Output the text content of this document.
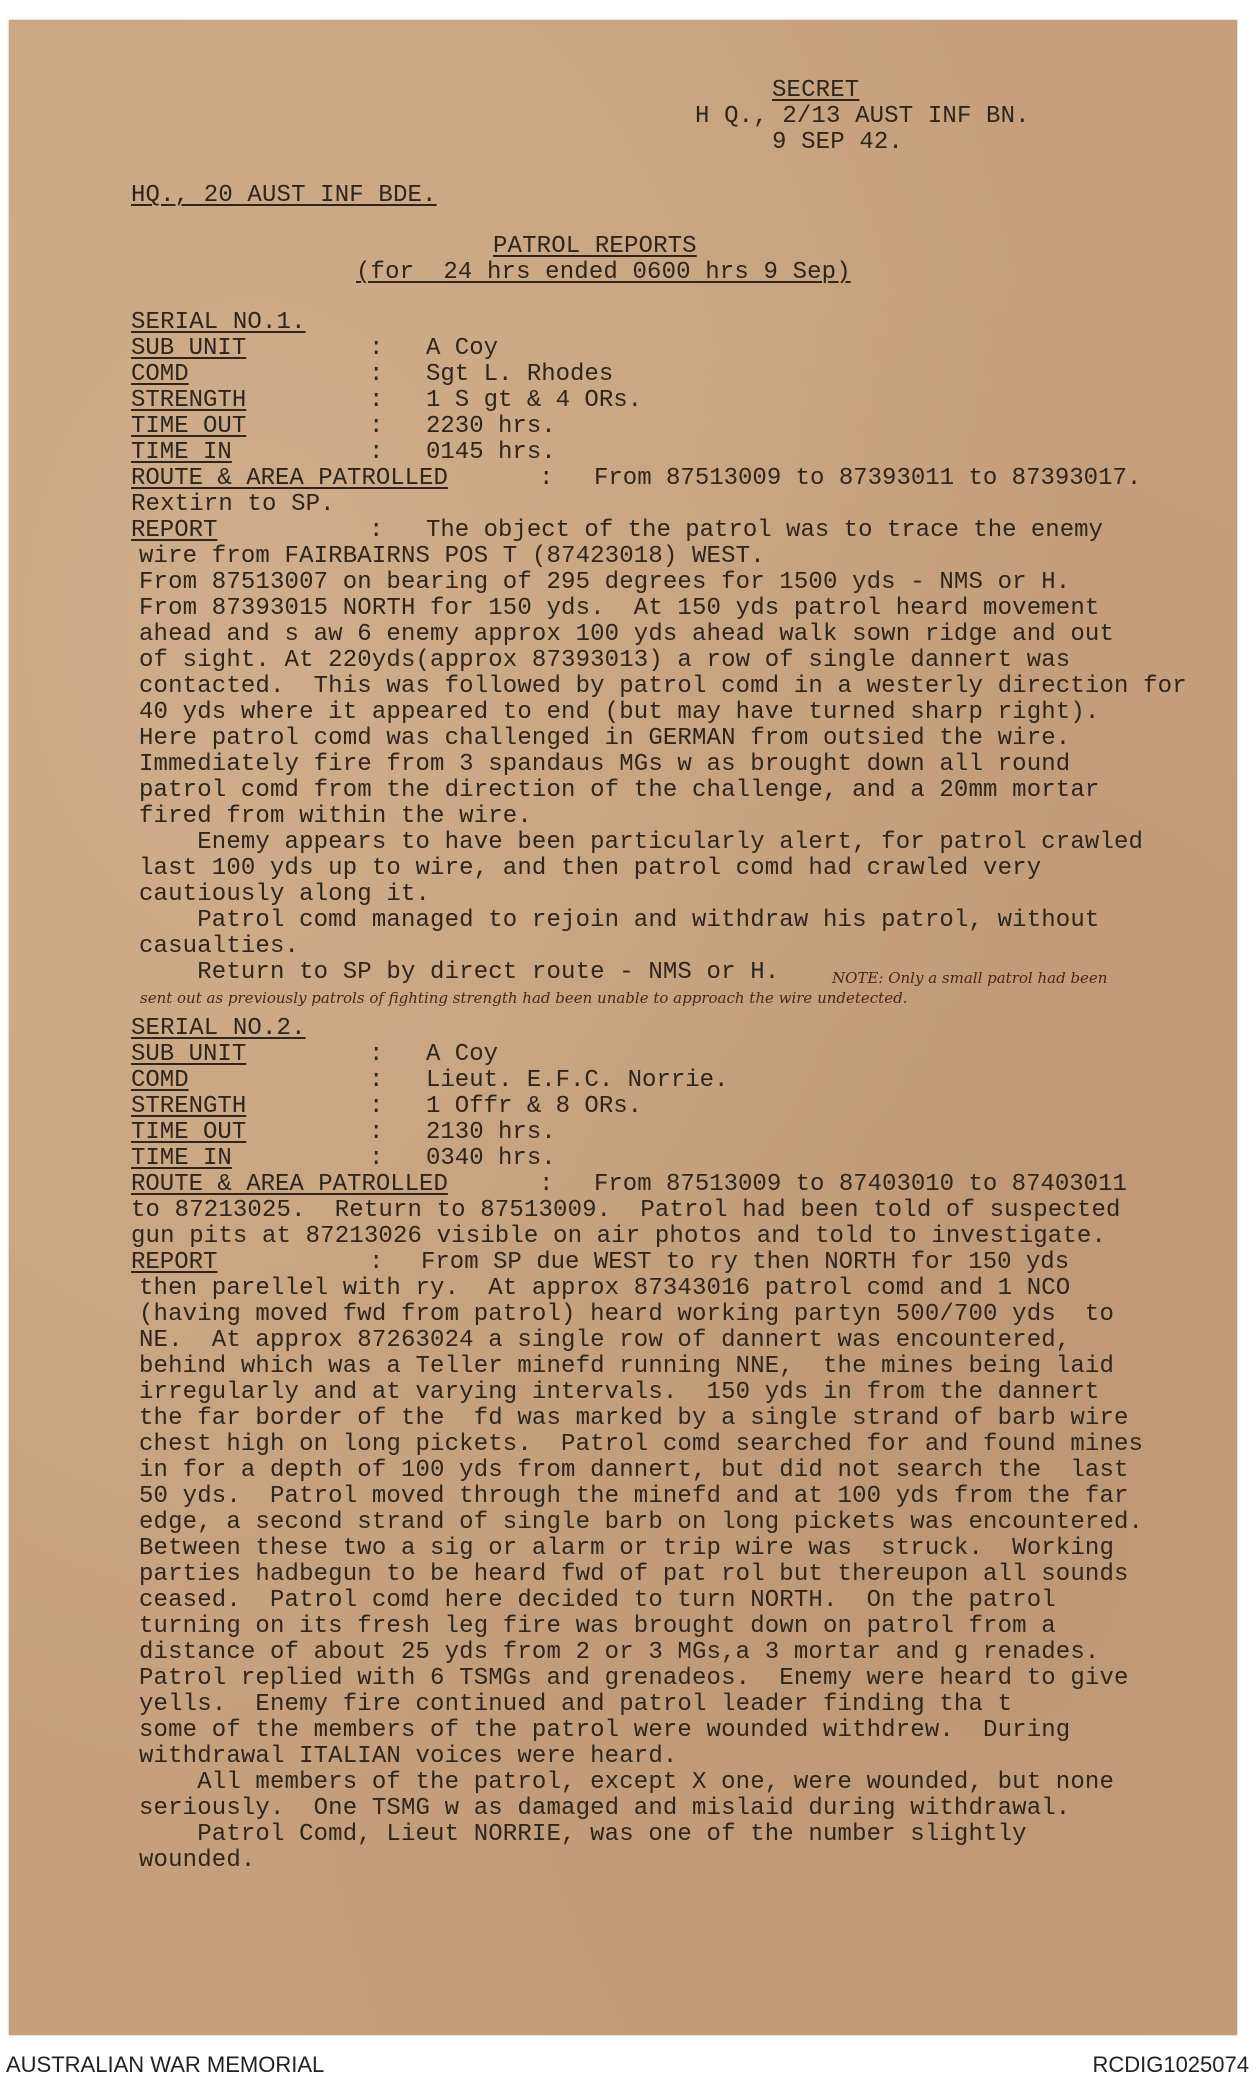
SECRET
H Q., 2/13 AUST INF BN.
9 SEP 42.
HQ., 20 AUST INF BDE.
PATROL REPORTS
(for  24 hrs ended 0600 hrs 9 Sep)
SERIAL NO.1.
SUB UNIT	: A Coy
COMD	: Sgt L. Rhodes
STRENGTH	: 1 S gt & 4 ORs.
TIME OUT	: 2230 hrs.
TIME IN	: 0145 hrs.
ROUTE & AREA PATROLLED	: From 87513009 to 87393011 to 87393017.
Rextirn to SP.
REPORT	: The object of the patrol was to trace the enemy
wire from FAIRBAIRNS POS T (87423018) WEST.
From 87513007 on bearing of 295 degrees for 1500 yds - NMS or H.
From 87393015 NORTH for 150 yds.  At 150 yds patrol heard movement
ahead and s aw 6 enemy approx 100 yds ahead walk sown ridge and out
of sight. At 220yds(approx 87393013) a row of single dannert was
contacted.  This was followed by patrol comd in a westerly direction for
40 yds where it appeared to end (but may have turned sharp right).
Here patrol comd was challenged in GERMAN from outsied the wire.
Immediately fire from 3 spandaus MGs w as brought down all round
patrol comd from the direction of the challenge, and a 20mm mortar
fired from within the wire.
Enemy appears to have been particularly alert, for patrol crawled
last 100 yds up to wire, and then patrol comd had crawled very
cautiously along it.
Patrol comd managed to rejoin and withdraw his patrol, without
casualties.
Return to SP by direct route - NMS or H.	NOTE: Only a small patrol had been
sent out as previously patrols of fighting strength had been unable to approach the wire undetected.
SERIAL NO.2.
SUB UNIT	: A Coy
COMD	: Lieut. E.F.C. Norrie.
STRENGTH	: 1 Offr & 8 ORs.
TIME OUT	: 2130 hrs.
TIME IN	: 0340 hrs.
ROUTE & AREA PATROLLED	: From 87513009 to 87403010 to 87403011
to 87213025.  Return to 87513009.  Patrol had been told of suspected
gun pits at 87213026 visible on air photos and told to investigate.
REPORT	: From SP due WEST to ry then NORTH for 150 yds
then parellel with ry.  At approx 87343016 patrol comd and 1 NCO
(having moved fwd from patrol) heard working partyn 500/700 yds  to
NE.  At approx 87263024 a single row of dannert was encountered,
behind which was a Teller minefd running NNE,  the mines being laid
irregularly and at varying intervals.  150 yds in from the dannert
the far border of the  fd was marked by a single strand of barb wire
chest high on long pickets.  Patrol comd searched for and found mines
in for a depth of 100 yds from dannert, but did not search the  last
50 yds.  Patrol moved through the minefd and at 100 yds from the far
edge, a second strand of single barb on long pickets was encountered.
Between these two a sig or alarm or trip wire was  struck.  Working
parties hadbegun to be heard fwd of pat rol but thereupon all sounds
ceased.  Patrol comd here decided to turn NORTH.  On the patrol
turning on its fresh leg fire was brought down on patrol from a
distance of about 25 yds from 2 or 3 MGs,a 3 mortar and g renades.
Patrol replied with 6 TSMGs and grenadeos.  Enemy were heard to give
yells.  Enemy fire continued and patrol leader finding tha t
some of the members of the patrol were wounded withdrew.  During
withdrawal ITALIAN voices were heard.
All members of the patrol, except X one, were wounded, but none
seriously.  One TSMG w as damaged and mislaid during withdrawal.
Patrol Comd, Lieut NORRIE, was one of the number slightly
wounded.
AUSTRALIAN WAR MEMORIAL	RCDIG1025074
